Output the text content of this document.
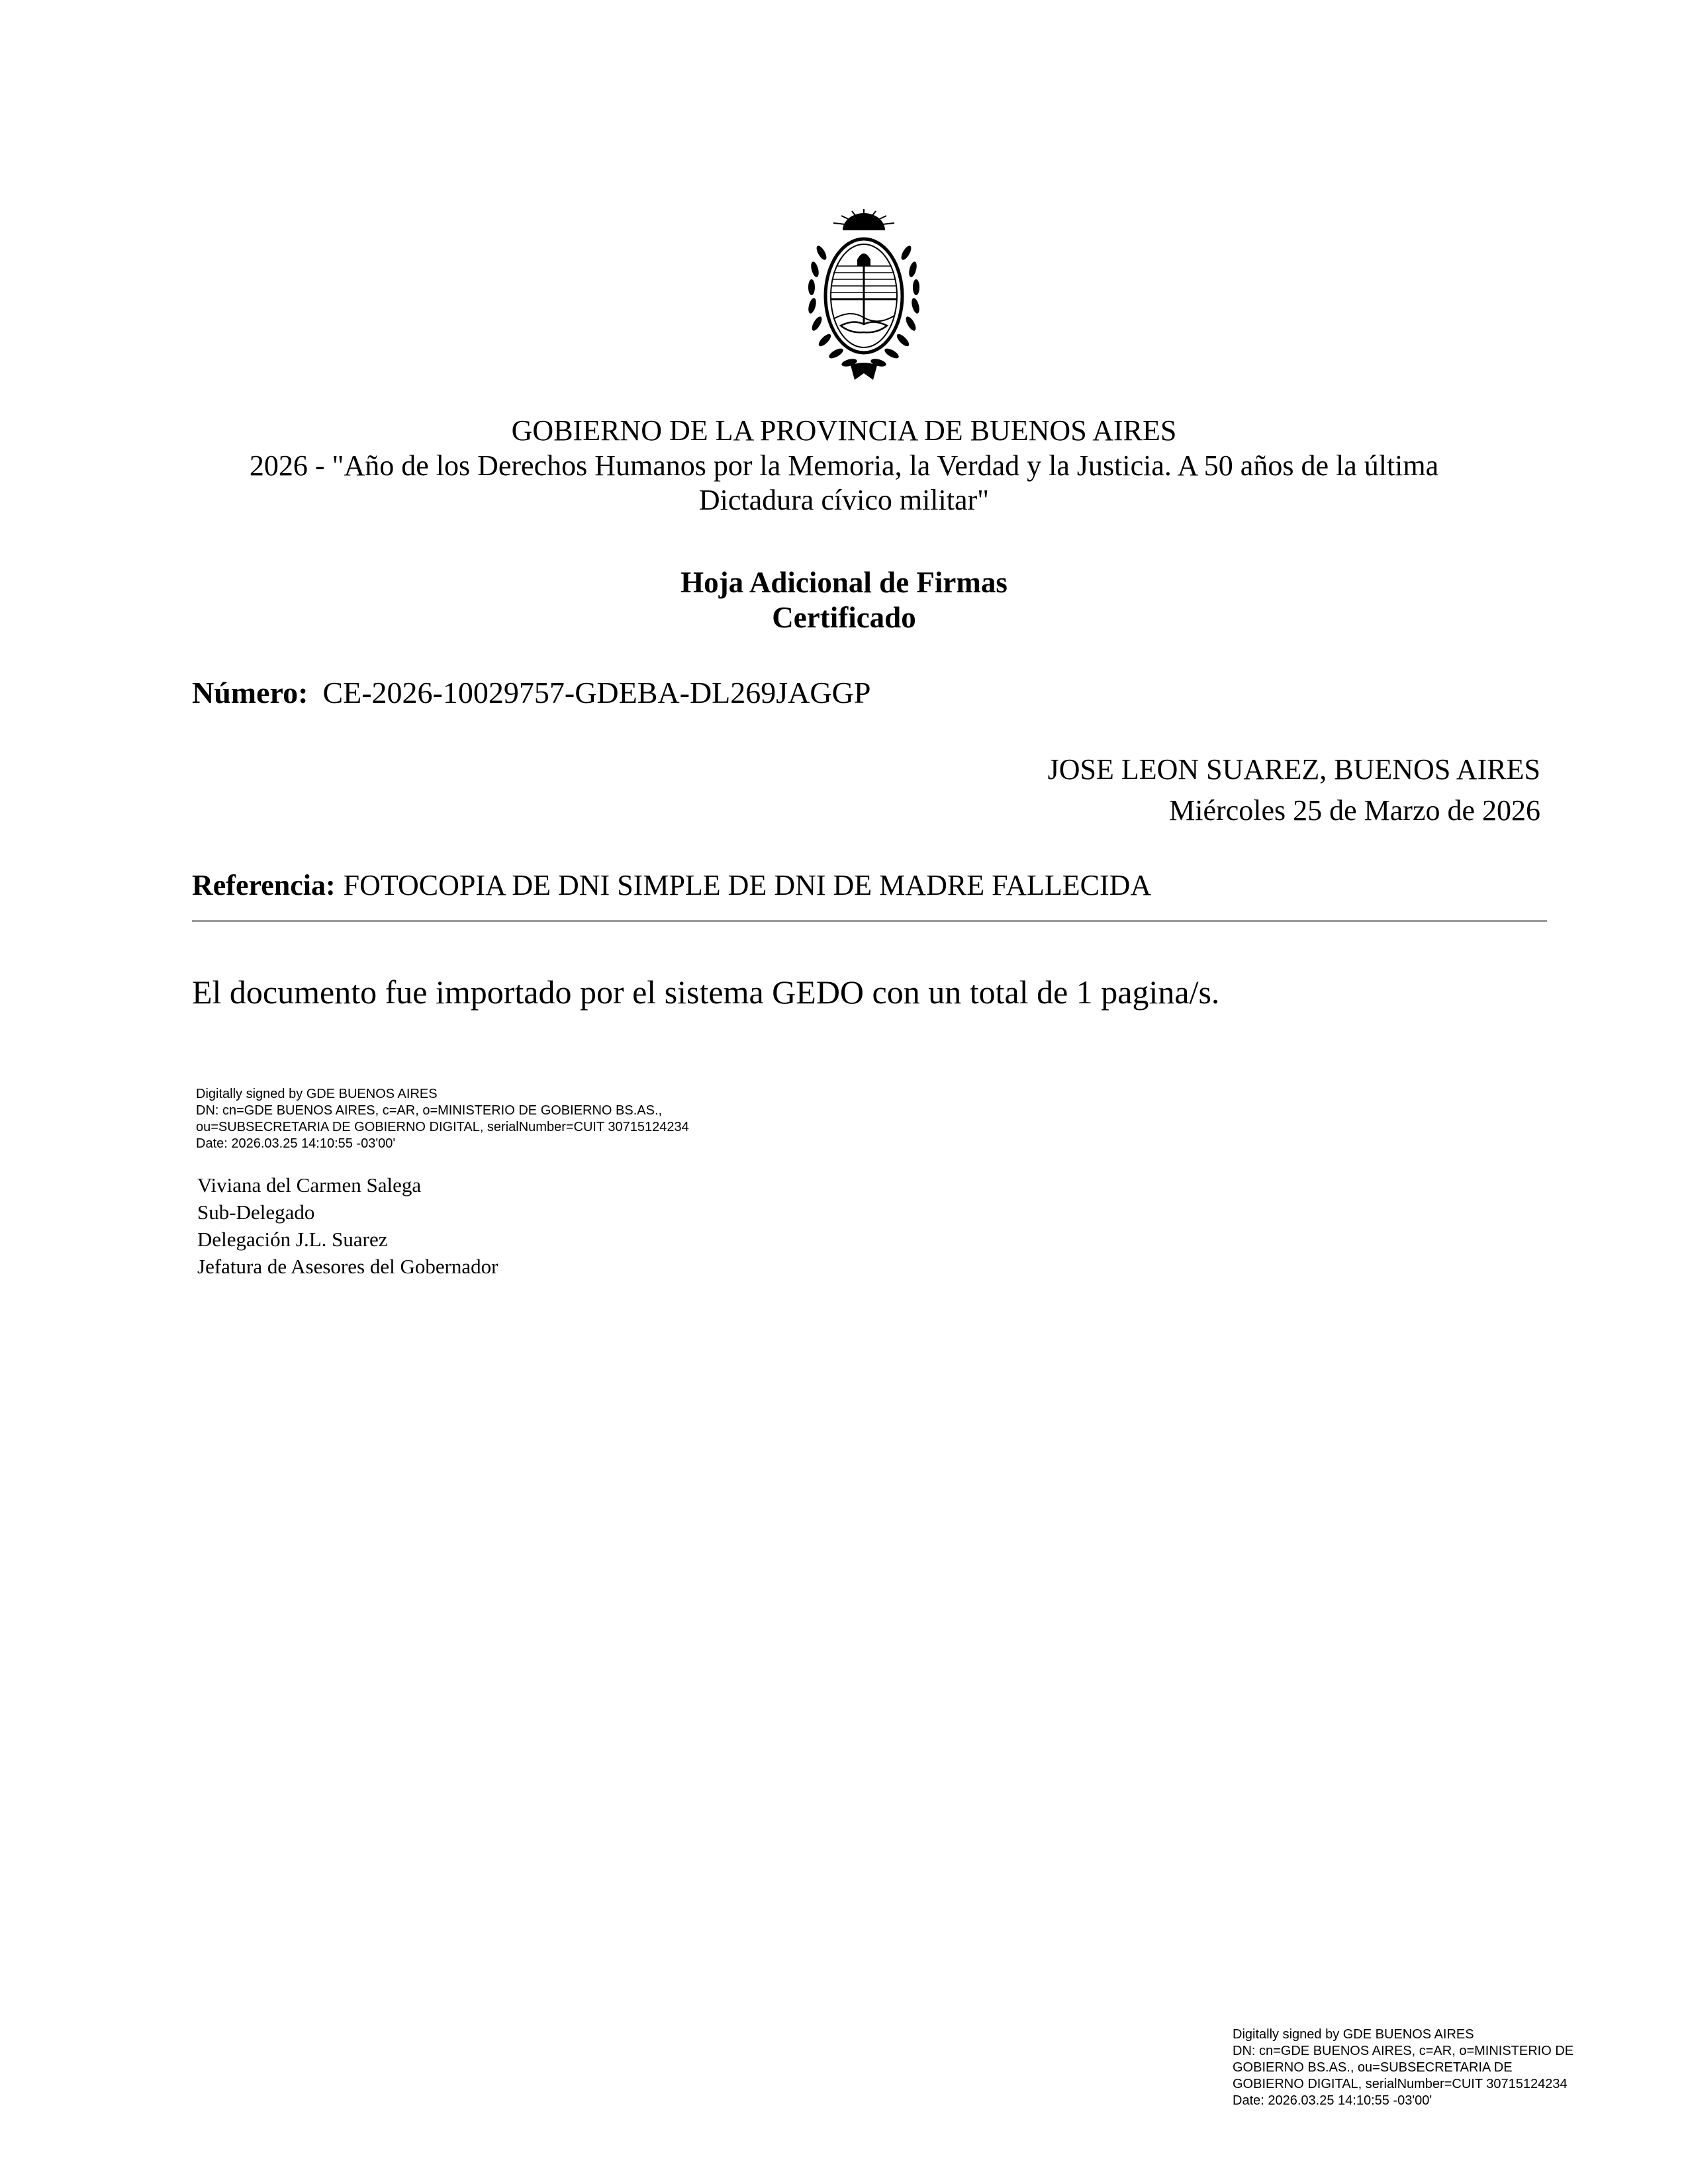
GOBIERNO DE LA PROVINCIA DE BUENOS AIRES
2026 - "Año de los Derechos Humanos por la Memoria, la Verdad y la Justicia. A 50 años de la última
Dictadura cívico militar"
Hoja Adicional de Firmas
Certificado
Número: CE-2026-10029757-GDEBA-DL269JAGGP
JOSE LEON SUAREZ, BUENOS AIRES
Miércoles 25 de Marzo de 2026
Referencia: FOTOCOPIA DE DNI SIMPLE DE DNI DE MADRE FALLECIDA
El documento fue importado por el sistema GEDO con un total de 1 pagina/s.
Digitally signed by GDE BUENOS AIRES
DN: cn=GDE BUENOS AIRES, c=AR, o=MINISTERIO DE GOBIERNO BS.AS.,
ou=SUBSECRETARIA DE GOBIERNO DIGITAL, serialNumber=CUIT 30715124234
Date: 2026.03.25 14:10:55 -03'00'
Viviana del Carmen Salega
Sub-Delegado
Delegación J.L. Suarez
Jefatura de Asesores del Gobernador
Digitally signed by GDE BUENOS AIRES
DN: cn=GDE BUENOS AIRES, c=AR, o=MINISTERIO DE
GOBIERNO BS.AS., ou=SUBSECRETARIA DE
GOBIERNO DIGITAL, serialNumber=CUIT 30715124234
Date: 2026.03.25 14:10:55 -03'00'
